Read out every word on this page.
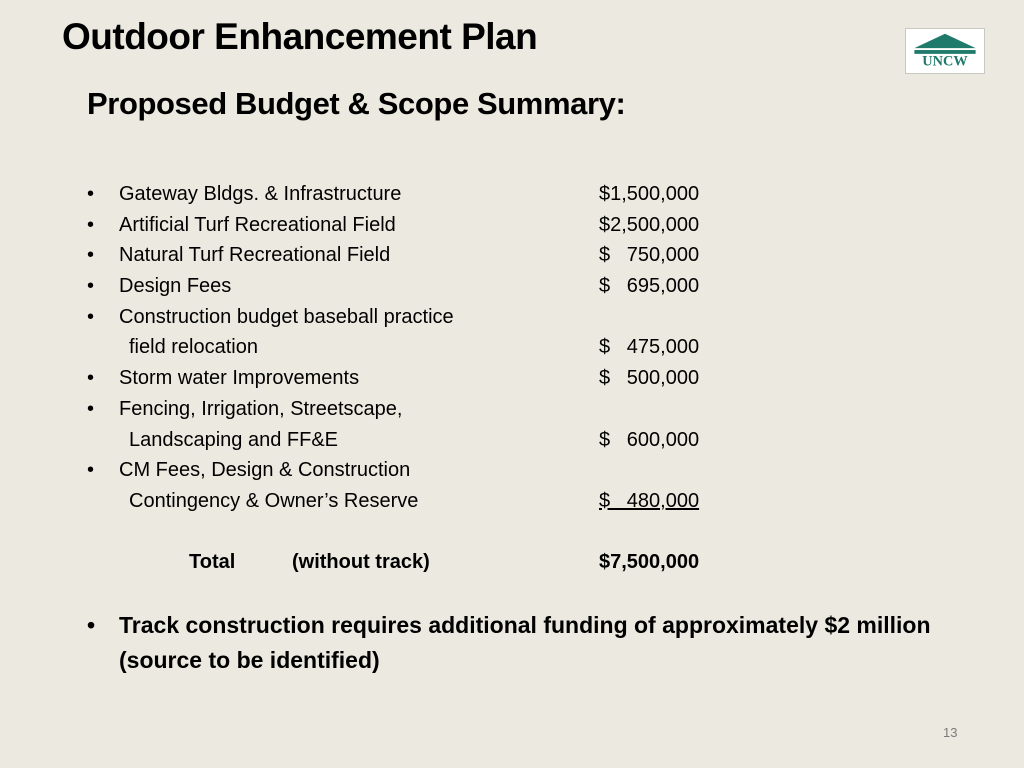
Outdoor Enhancement Plan
UNCW
Proposed Budget & Scope Summary:
• Gateway Bldgs. & Infrastructure	$1,500,000
• Artificial Turf Recreational Field	$2,500,000
• Natural Turf Recreational Field	$   750,000
• Design Fees	$   695,000
• Construction budget baseball practice
field relocation	$   475,000
• Storm water Improvements	$   500,000
• Fencing, Irrigation, Streetscape,
Landscaping and FF&E	$   600,000
• CM Fees, Design & Construction
Contingency & Owner’s Reserve	$   480,000
Total	(without track)	$7,500,000
• Track construction requires additional funding of approximately $2 million (source to be identified)
13
